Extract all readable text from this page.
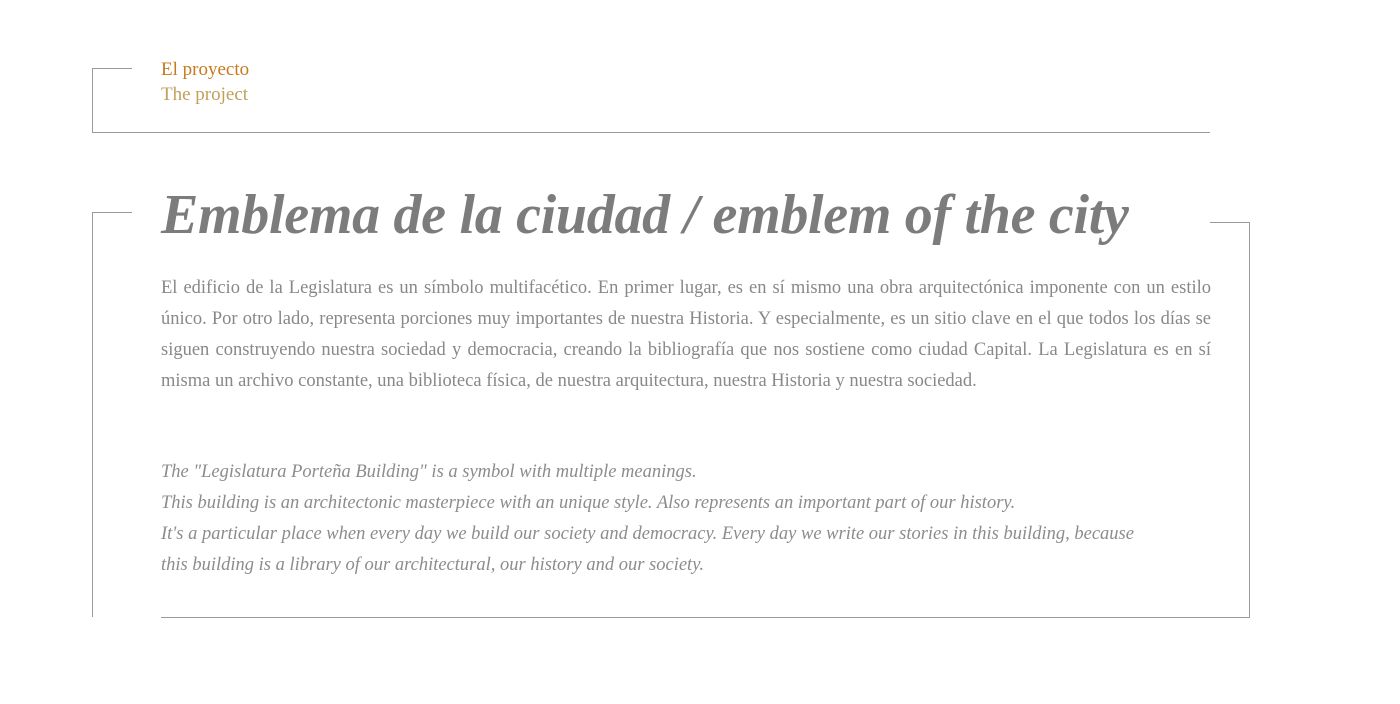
El proyecto
The project
Emblema de la ciudad / emblem of the city

El edificio de la Legislatura es un símbolo multifacético. En primer lugar, es en sí mismo una obra arquitectónica imponente con un estilo único. Por otro lado, representa porciones muy importantes de nuestra Historia. Y especialmente, es un sitio clave en el que todos los días se siguen construyendo nuestra sociedad y democracia, creando la bibliografía que nos sostiene como ciudad Capital. La Legislatura es en sí misma un archivo constante, una biblioteca física, de nuestra arquitectura, nuestra Historia y nuestra sociedad.

The "Legislatura Porteña Building" is a symbol with multiple meanings.
This building is an architectonic masterpiece with an unique style. Also represents an important part of our history.
It's a particular place when every day we build our society and democracy. Every day we write our stories in this building, because
this building is a library of our architectural, our history and our society.
